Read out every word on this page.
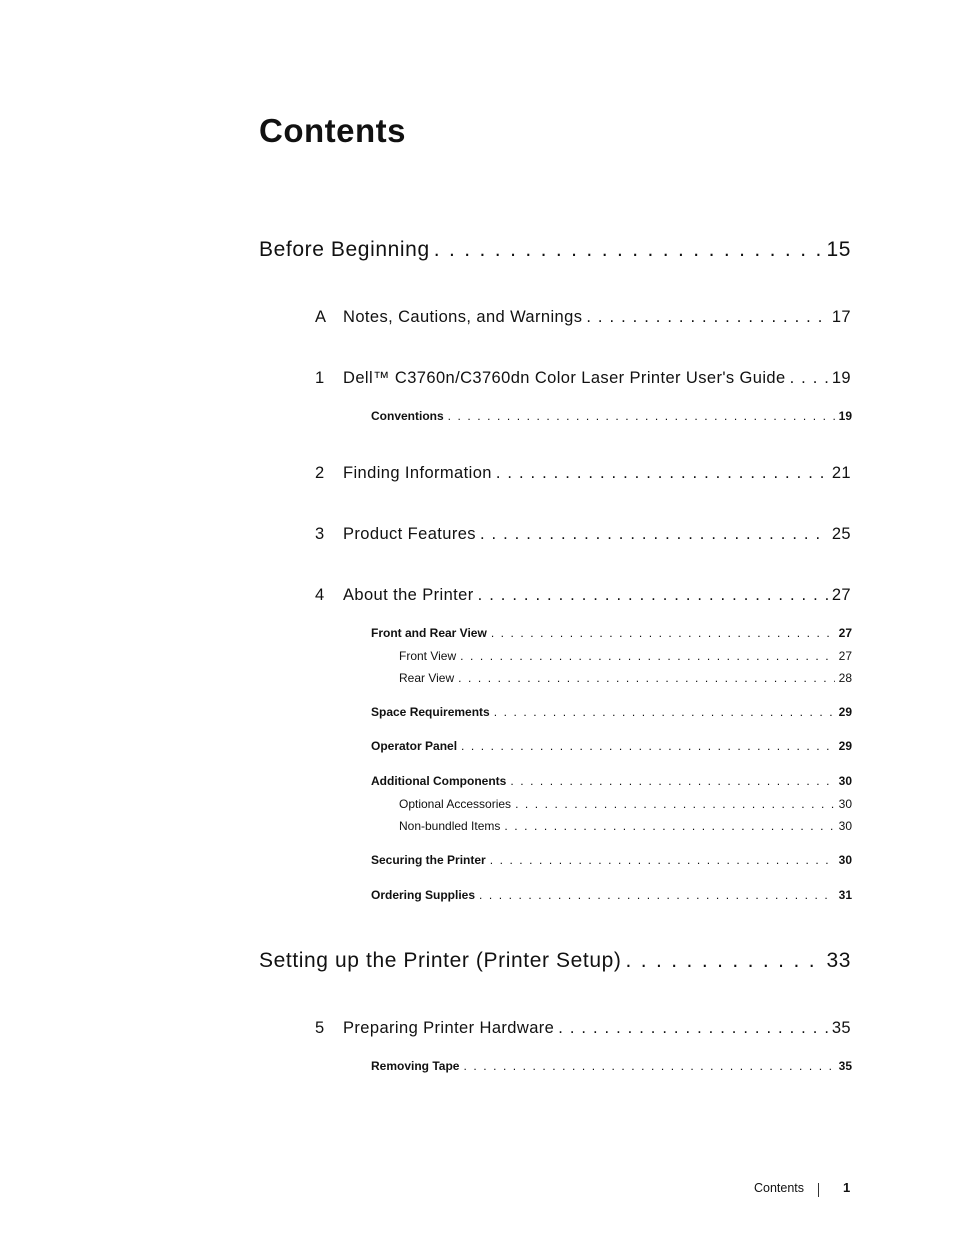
Contents
Before Beginning . . .	15
A Notes, Cautions, and Warnings . . .	17
1 Dell™ C3760n/C3760dn Color Laser Printer User's Guide . . .	19
Conventions . . .	19
2 Finding Information . . .	21
3 Product Features . . .	25
4 About the Printer . . .	27
Front and Rear View . . .	27
Front View . . .	27
Rear View . . .	28
Space Requirements . . .	29
Operator Panel . . .	29
Additional Components . . .	30
Optional Accessories . . .	30
Non-bundled Items . . .	30
Securing the Printer . . .	30
Ordering Supplies . . .	31
Setting up the Printer (Printer Setup) . . .	33
5 Preparing Printer Hardware . . .	35
Removing Tape . . .	35
Contents	1
